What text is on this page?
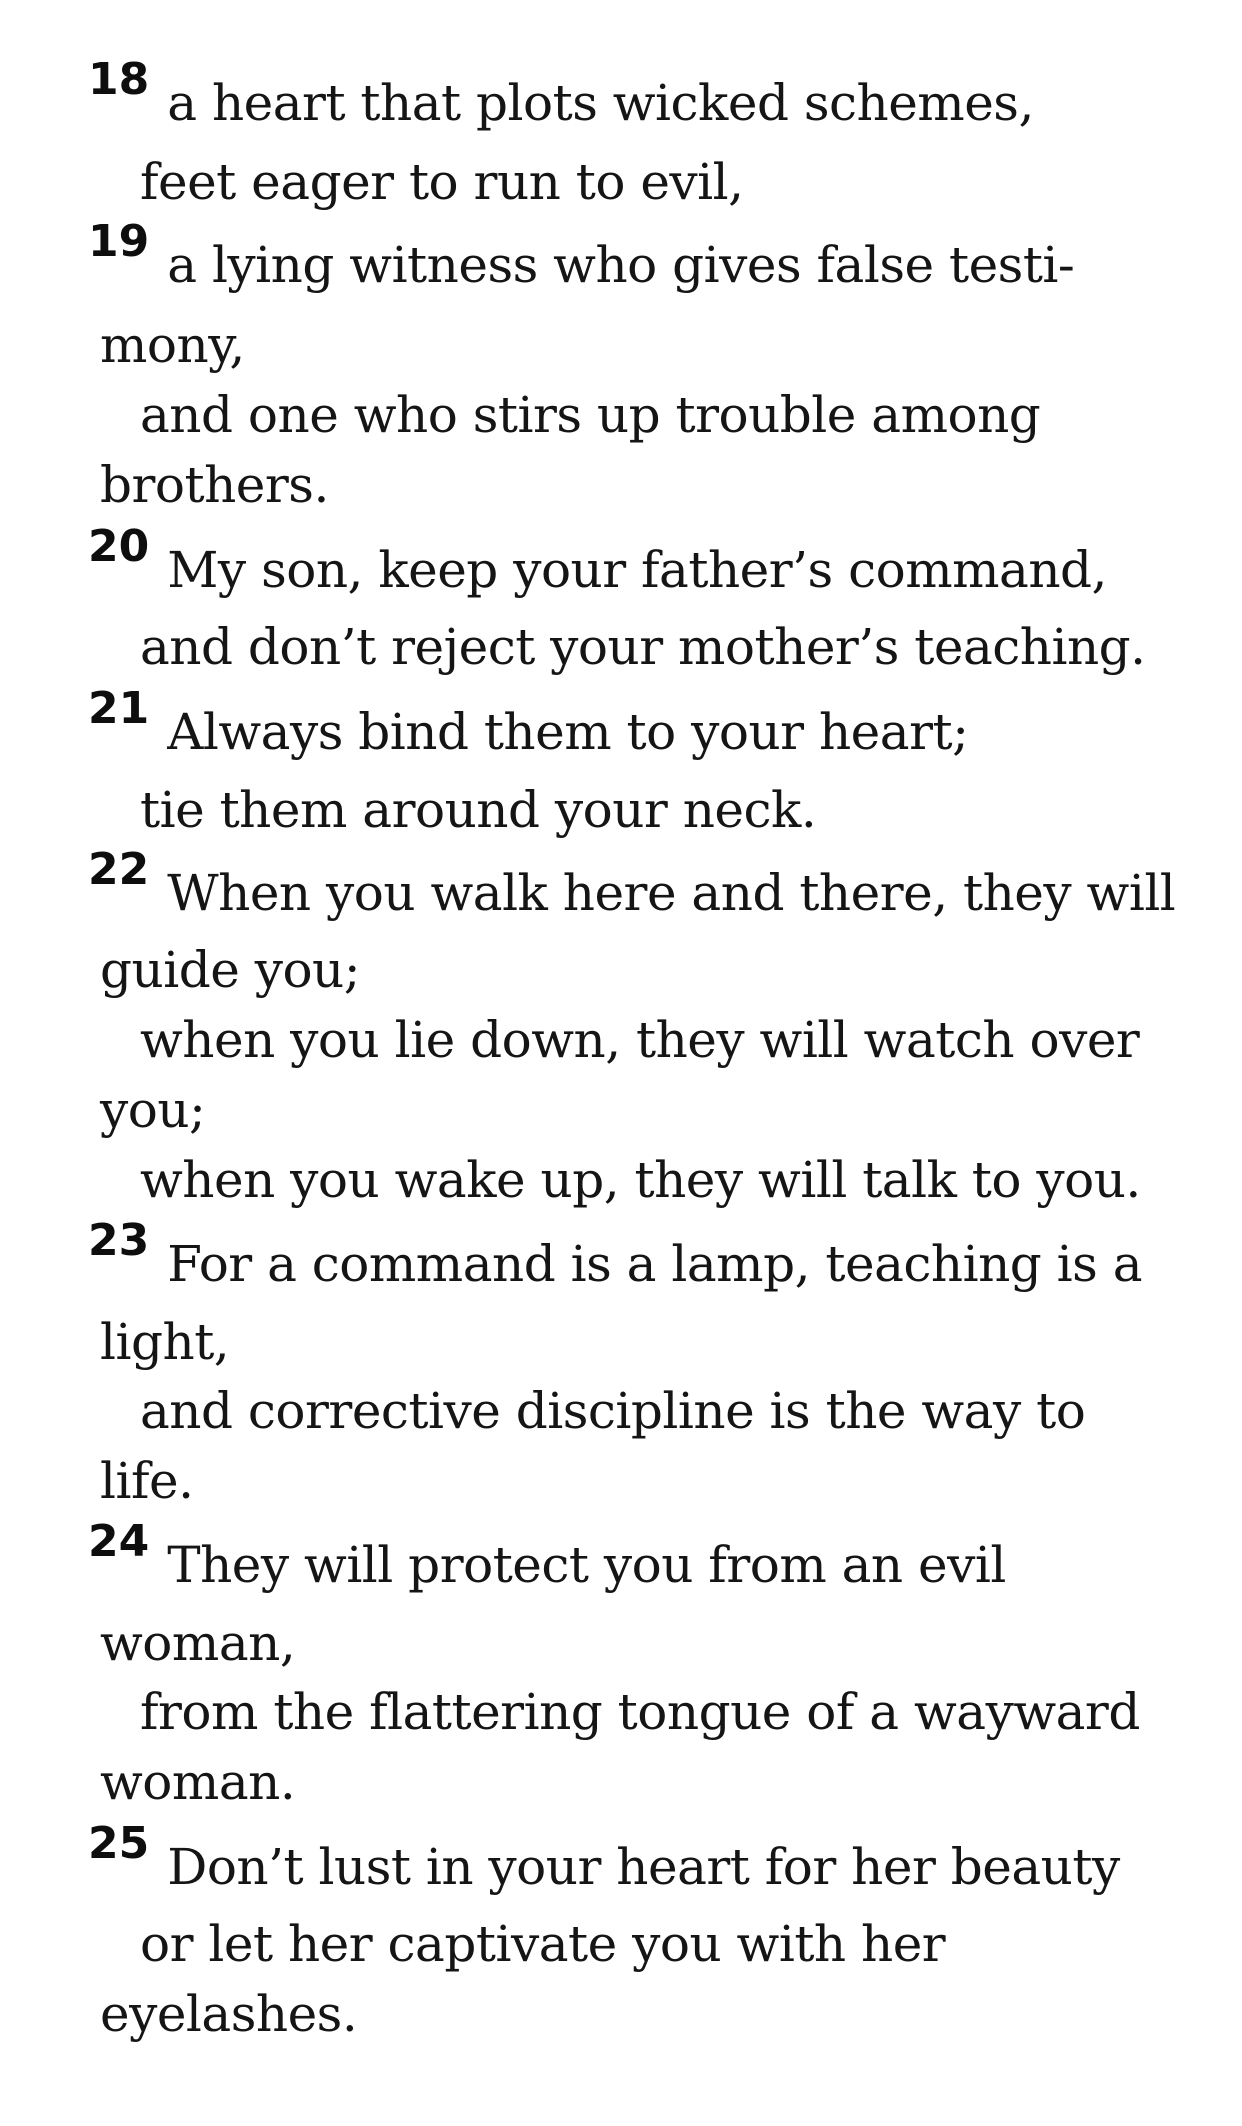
18 a heart that plots wicked schemes,
feet eager to run to evil,
19 a lying witness who gives false testi-
mony,
and one who stirs up trouble among
brothers.
20 My son, keep your father’s command,
and don’t reject your mother’s teaching.
21 Always bind them to your heart;
tie them around your neck.
22 When you walk here and there, they will
guide you;
when you lie down, they will watch over
you;
when you wake up, they will talk to you.
23 For a command is a lamp, teaching is a
light,
and corrective discipline is the way to
life.
24 They will protect you from an evil
woman,
from the flattering tongue of a wayward
woman.
25 Don’t lust in your heart for her beauty
or let her captivate you with her
eyelashes.
